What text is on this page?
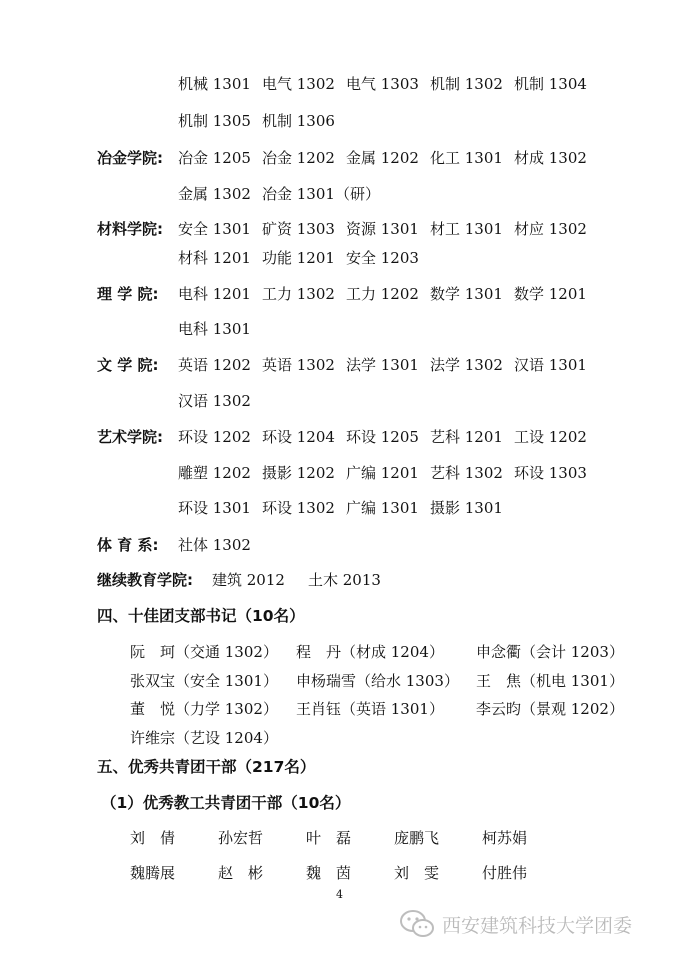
机械 1301 电气 1302 电气 1303 机制 1302 机制 1304
机制 1305 机制 1306
冶金学院: 冶金 1205 冶金 1202 金属 1202 化工 1301 材成 1302
金属 1302 冶金 1301（研）
材料学院: 安全 1301 矿资 1303 资源 1301 材工 1301 材应 1302
材科 1201 功能 1201 安全 1203
理 学 院: 电科 1201 工力 1302 工力 1202 数学 1301 数学 1201
电科 1301
文 学 院: 英语 1202 英语 1302 法学 1301 法学 1302 汉语 1301
汉语 1302
艺术学院: 环设 1202 环设 1204 环设 1205 艺科 1201 工设 1202
雕塑 1202 摄影 1202 广编 1201 艺科 1302 环设 1303
环设 1301 环设 1302 广编 1301 摄影 1301
体 育 系: 社体 1302
继续教育学院: 建筑 2012 土木 2013
四、十佳团支部书记（10名）
阮　珂（交通 1302） 程　丹（材成 1204） 申念衢（会计 1203）
张双宝（安全 1301） 申杨瑞雪（给水 1303） 王　焦（机电 1301）
董　悦（力学 1302） 王肖钰（英语 1301） 李云昀（景观 1202）
许维宗（艺设 1204）
五、优秀共青团干部（217名）
（1）优秀教工共青团干部（10名）
刘　倩	孙宏哲	叶　磊	庞鹏飞	柯苏娟
魏腾展	赵　彬	魏　茵	刘　雯	付胜伟
4
西安建筑科技大学团委
